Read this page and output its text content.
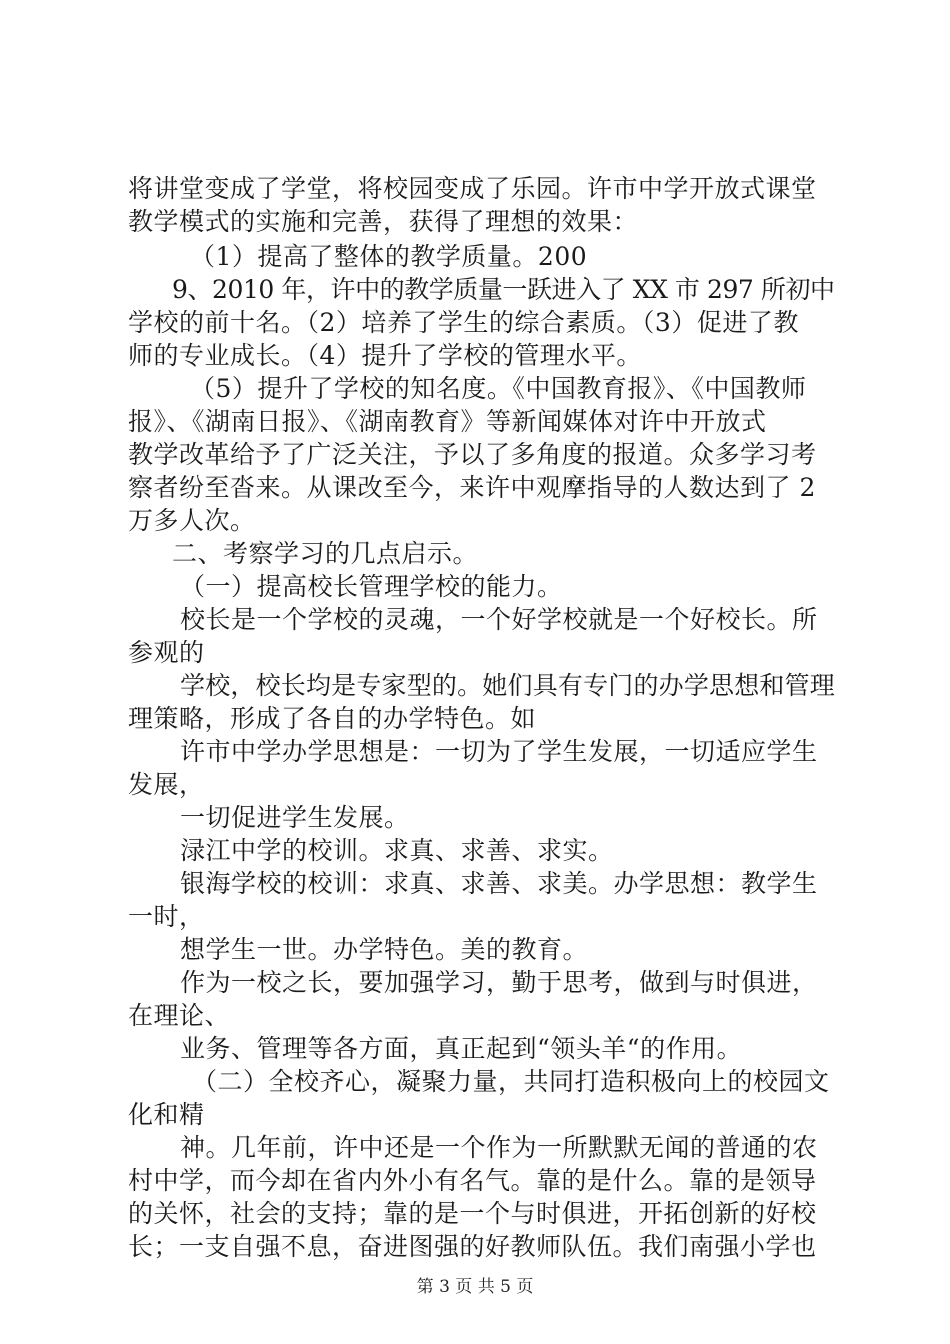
将讲堂变成了学堂，将校园变成了乐园。许市中学开放式课堂
教学模式的实施和完善，获得了理想的效果：
（1）提高了整体的教学质量。200
9、2010 年，许中的教学质量一跃进入了 XX 市 297 所初中
学校的前十名。（2）培养了学生的综合素质。（3）促进了教
师的专业成长。（4）提升了学校的管理水平。
（5）提升了学校的知名度。《中国教育报》、《中国教师
报》、《湖南日报》、《湖南教育》等新闻媒体对许中开放式
教学改革给予了广泛关注，予以了多角度的报道。众多学习考
察者纷至沓来。从课改至今，来许中观摩指导的人数达到了 2
万多人次。
二、考察学习的几点启示。
（一）提高校长管理学校的能力。
校长是一个学校的灵魂，一个好学校就是一个好校长。所
参观的
学校，校长均是专家型的。她们具有专门的办学思想和管理
理策略，形成了各自的办学特色。如
许市中学办学思想是：一切为了学生发展，一切适应学生
发展，
一切促进学生发展。
渌江中学的校训。求真、求善、求实。
银海学校的校训：求真、求善、求美。办学思想：教学生
一时，
想学生一世。办学特色。美的教育。
作为一校之长，要加强学习，勤于思考，做到与时俱进，
在理论、
业务、管理等各方面，真正起到“领头羊“的作用。
（二）全校齐心，凝聚力量，共同打造积极向上的校园文
化和精
神。几年前，许中还是一个作为一所默默无闻的普通的农
村中学，而今却在省内外小有名气。靠的是什么。靠的是领导
的关怀，社会的支持；靠的是一个与时俱进，开拓创新的好校
长；一支自强不息，奋进图强的好教师队伍。我们南强小学也
第 3 页 共 5 页
